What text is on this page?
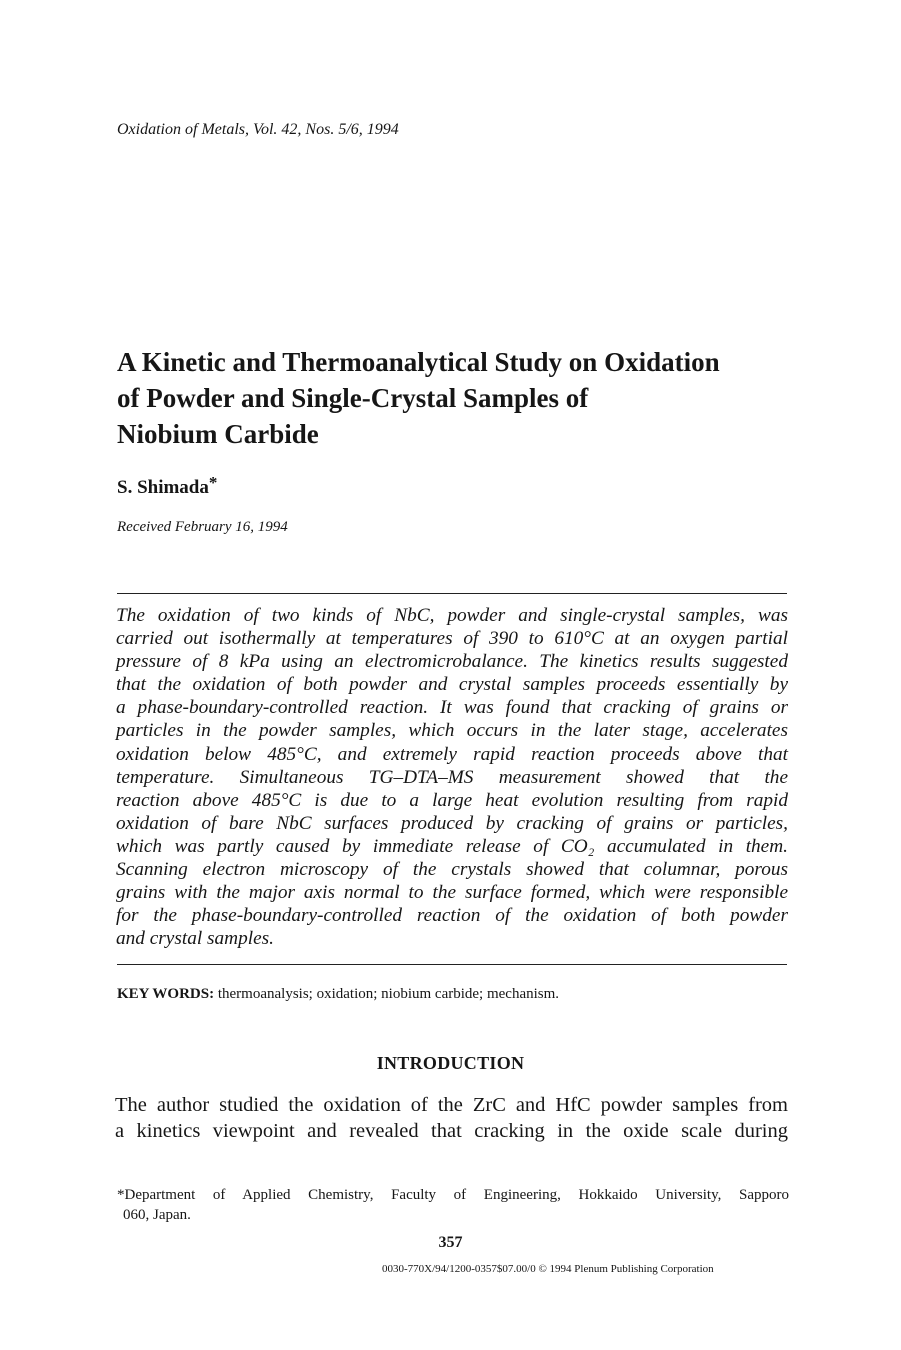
Oxidation of Metals, Vol. 42, Nos. 5/6, 1994
A Kinetic and Thermoanalytical Study on Oxidation
of Powder and Single-Crystal Samples of
Niobium Carbide
S. Shimada*
Received February 16, 1994
The oxidation of two kinds of NbC, powder and single-crystal samples, was
carried out isothermally at temperatures of 390 to 610°C at an oxygen partial
pressure of 8 kPa using an electromicrobalance. The kinetics results suggested
that the oxidation of both powder and crystal samples proceeds essentially by
a phase-boundary-controlled reaction. It was found that cracking of grains or
particles in the powder samples, which occurs in the later stage, accelerates
oxidation below 485°C, and extremely rapid reaction proceeds above that
temperature. Simultaneous TG–DTA–MS measurement showed that the
reaction above 485°C is due to a large heat evolution resulting from rapid
oxidation of bare NbC surfaces produced by cracking of grains or particles,
which was partly caused by immediate release of CO₂ accumulated in them.
Scanning electron microscopy of the crystals showed that columnar, porous
grains with the major axis normal to the surface formed, which were responsible
for the phase-boundary-controlled reaction of the oxidation of both powder
and crystal samples.
KEY WORDS: thermoanalysis; oxidation; niobium carbide; mechanism.
INTRODUCTION
The author studied the oxidation of the ZrC and HfC powder samples from
a kinetics viewpoint and revealed that cracking in the oxide scale during
*Department of Applied Chemistry, Faculty of Engineering, Hokkaido University, Sapporo
060, Japan.
357
0030-770X/94/1200-0357$07.00/0 © 1994 Plenum Publishing Corporation
